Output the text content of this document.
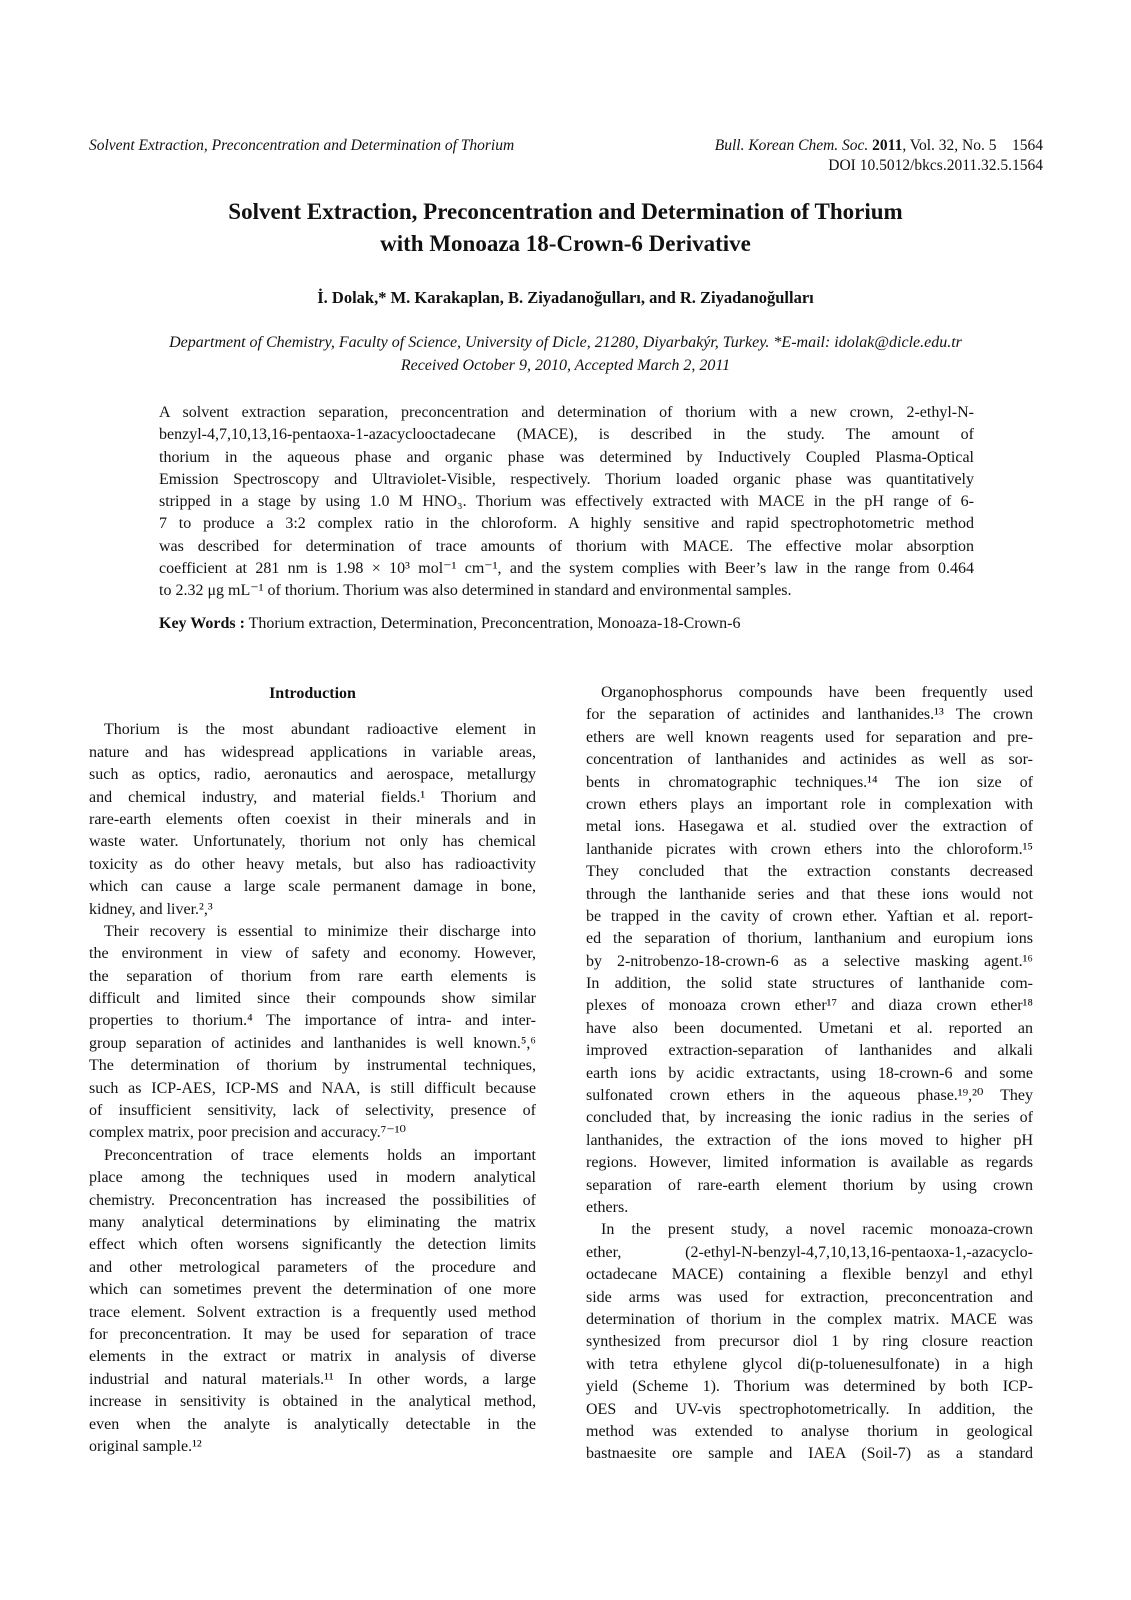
Solvent Extraction, Preconcentration and Determination of Thorium	Bull. Korean Chem. Soc. 2011, Vol. 32, No. 5 1564
DOI 10.5012/bkcs.2011.32.5.1564
Solvent Extraction, Preconcentration and Determination of Thorium
with Monoaza 18-Crown-6 Derivative
İ. Dolak,* M. Karakaplan, B. Ziyadanoğulları, and R. Ziyadanoğulları
Department of Chemistry, Faculty of Science, University of Dicle, 21280, Diyarbakýr, Turkey. *E-mail: idolak@dicle.edu.tr
Received October 9, 2010, Accepted March 2, 2011
A solvent extraction separation, preconcentration and determination of thorium with a new crown, 2-ethyl-N-
benzyl-4,7,10,13,16-pentaoxa-1-azacyclooctadecane (MACE), is described in the study. The amount of
thorium in the aqueous phase and organic phase was determined by Inductively Coupled Plasma-Optical
Emission Spectroscopy and Ultraviolet-Visible, respectively. Thorium loaded organic phase was quantitatively
stripped in a stage by using 1.0 M HNO₃. Thorium was effectively extracted with MACE in the pH range of 6-
7 to produce a 3:2 complex ratio in the chloroform. A highly sensitive and rapid spectrophotometric method
was described for determination of trace amounts of thorium with MACE. The effective molar absorption
coefficient at 281 nm is 1.98 × 10³ mol⁻¹ cm⁻¹, and the system complies with Beer’s law in the range from 0.464
to 2.32 μg mL⁻¹ of thorium. Thorium was also determined in standard and environmental samples.
Key Words : Thorium extraction, Determination, Preconcentration, Monoaza-18-Crown-6
Introduction
Thorium is the most abundant radioactive element in
nature and has widespread applications in variable areas,
such as optics, radio, aeronautics and aerospace, metallurgy
and chemical industry, and material fields.¹ Thorium and
rare-earth elements often coexist in their minerals and in
waste water. Unfortunately, thorium not only has chemical
toxicity as do other heavy metals, but also has radioactivity
which can cause a large scale permanent damage in bone,
kidney, and liver.²,³
Their recovery is essential to minimize their discharge into
the environment in view of safety and economy. However,
the separation of thorium from rare earth elements is
difficult and limited since their compounds show similar
properties to thorium.⁴ The importance of intra- and inter-
group separation of actinides and lanthanides is well known.⁵,⁶
The determination of thorium by instrumental techniques,
such as ICP-AES, ICP-MS and NAA, is still difficult because
of insufficient sensitivity, lack of selectivity, presence of
complex matrix, poor precision and accuracy.⁷⁻¹⁰
Preconcentration of trace elements holds an important
place among the techniques used in modern analytical
chemistry. Preconcentration has increased the possibilities of
many analytical determinations by eliminating the matrix
effect which often worsens significantly the detection limits
and other metrological parameters of the procedure and
which can sometimes prevent the determination of one more
trace element. Solvent extraction is a frequently used method
for preconcentration. It may be used for separation of trace
elements in the extract or matrix in analysis of diverse
industrial and natural materials.¹¹ In other words, a large
increase in sensitivity is obtained in the analytical method,
even when the analyte is analytically detectable in the
original sample.¹²
Organophosphorus compounds have been frequently used
for the separation of actinides and lanthanides.¹³ The crown
ethers are well known reagents used for separation and pre-
concentration of lanthanides and actinides as well as sor-
bents in chromatographic techniques.¹⁴ The ion size of
crown ethers plays an important role in complexation with
metal ions. Hasegawa et al. studied over the extraction of
lanthanide picrates with crown ethers into the chloroform.¹⁵
They concluded that the extraction constants decreased
through the lanthanide series and that these ions would not
be trapped in the cavity of crown ether. Yaftian et al. report-
ed the separation of thorium, lanthanium and europium ions
by 2-nitrobenzo-18-crown-6 as a selective masking agent.¹⁶
In addition, the solid state structures of lanthanide com-
plexes of monoaza crown ether¹⁷ and diaza crown ether¹⁸
have also been documented. Umetani et al. reported an
improved extraction-separation of lanthanides and alkali
earth ions by acidic extractants, using 18-crown-6 and some
sulfonated crown ethers in the aqueous phase.¹⁹,²⁰ They
concluded that, by increasing the ionic radius in the series of
lanthanides, the extraction of the ions moved to higher pH
regions. However, limited information is available as regards
separation of rare-earth element thorium by using crown
ethers.
In the present study, a novel racemic monoaza-crown
ether, (2-ethyl-N-benzyl-4,7,10,13,16-pentaoxa-1,-azacyclo-
octadecane MACE) containing a flexible benzyl and ethyl
side arms was used for extraction, preconcentration and
determination of thorium in the complex matrix. MACE was
synthesized from precursor diol 1 by ring closure reaction
with tetra ethylene glycol di(p-toluenesulfonate) in a high
yield (Scheme 1). Thorium was determined by both ICP-
OES and UV-vis spectrophotometrically. In addition, the
method was extended to analyse thorium in geological
bastnaesite ore sample and IAEA (Soil-7) as a standard
